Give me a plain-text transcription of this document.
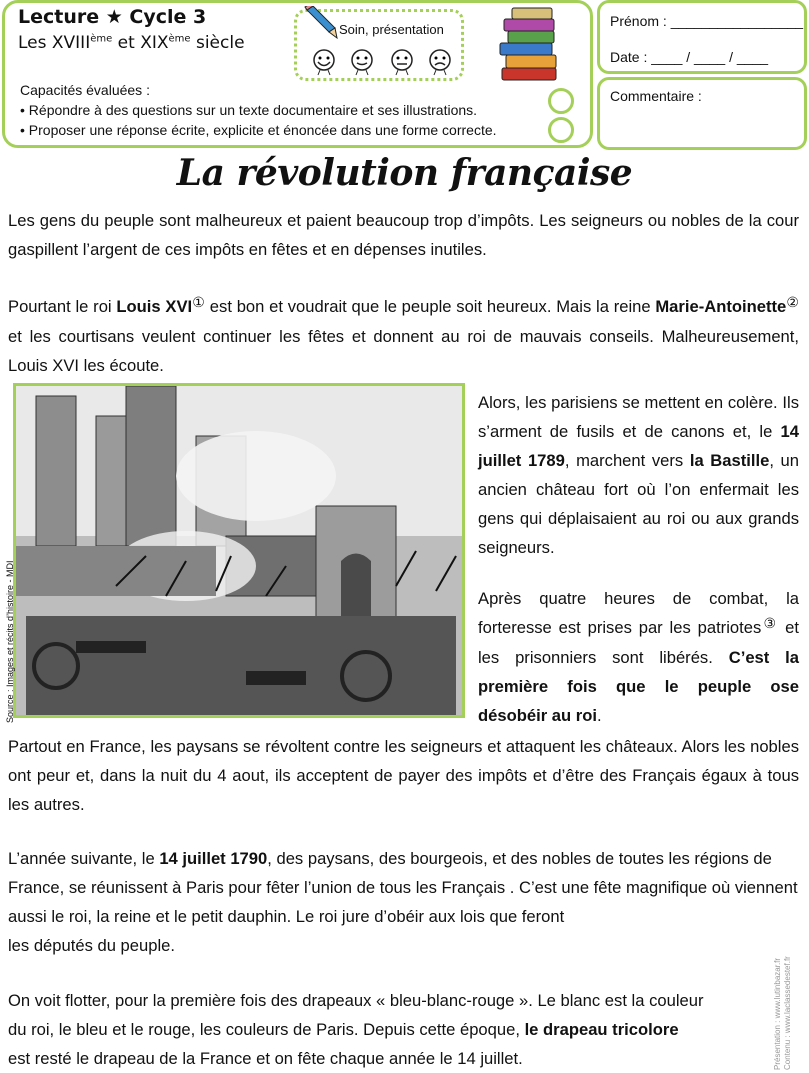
Lecture ★ Cycle 3
Les XVIIIème et XIXème siècle
Soin, présentation
Capacités évaluées :
• Répondre à des questions sur un texte documentaire et ses illustrations.
• Proposer une réponse écrite, explicite et énoncée dans une forme correcte.
Prénom : _________________
Date : ____ / ____ / ____
Commentaire :
La révolution française
Les gens du peuple sont malheureux et paient beaucoup trop d’impôts. Les seigneurs ou nobles de la cour gaspillent l’argent de ces impôts en fêtes et en dépenses inutiles.
Pourtant le roi Louis XVI① est bon et voudrait que le peuple soit heureux. Mais la reine Marie-Antoinette② et les courtisans veulent continuer les fêtes et donnent au roi de mauvais conseils. Malheureusement, Louis XVI les écoute.
Source : Images et récits d’histoire - MDI
Alors, les parisiens se mettent en colère. Ils s’arment de fusils et de canons et, le 14 juillet 1789, marchent vers la Bastille, un ancien château fort où l’on enfermait les gens qui déplaisaient au roi ou aux grands seigneurs.
Après quatre heures de combat, la forteresse est prises par les patriotes③ et les prisonniers sont libérés. C’est la première fois que le peuple ose désobéir au roi.
Partout en France, les paysans se révoltent contre les seigneurs et attaquent les châteaux. Alors les nobles ont peur et, dans la nuit du 4 aout, ils acceptent de payer des impôts et d’être des Français égaux à tous les autres.
L’année suivante, le 14 juillet 1790, des paysans, des bourgeois, et des nobles de toutes les régions de France, se réunissent à Paris pour fêter l’union de tous les Français . C’est une fête magnifique où viennent aussi le roi, la reine et le petit dauphin. Le roi jure d’obéir aux lois que feront
les députés du peuple.
On voit flotter, pour la première fois des drapeaux « bleu-blanc-rouge ». Le blanc est la couleur
du roi, le bleu et le rouge, les couleurs de Paris. Depuis cette époque, le drapeau tricolore
est resté le drapeau de la France et on fête chaque année le 14 juillet.	Présentation : www.lutinbazar.fr Contenu : www.laclassedestef.fr
